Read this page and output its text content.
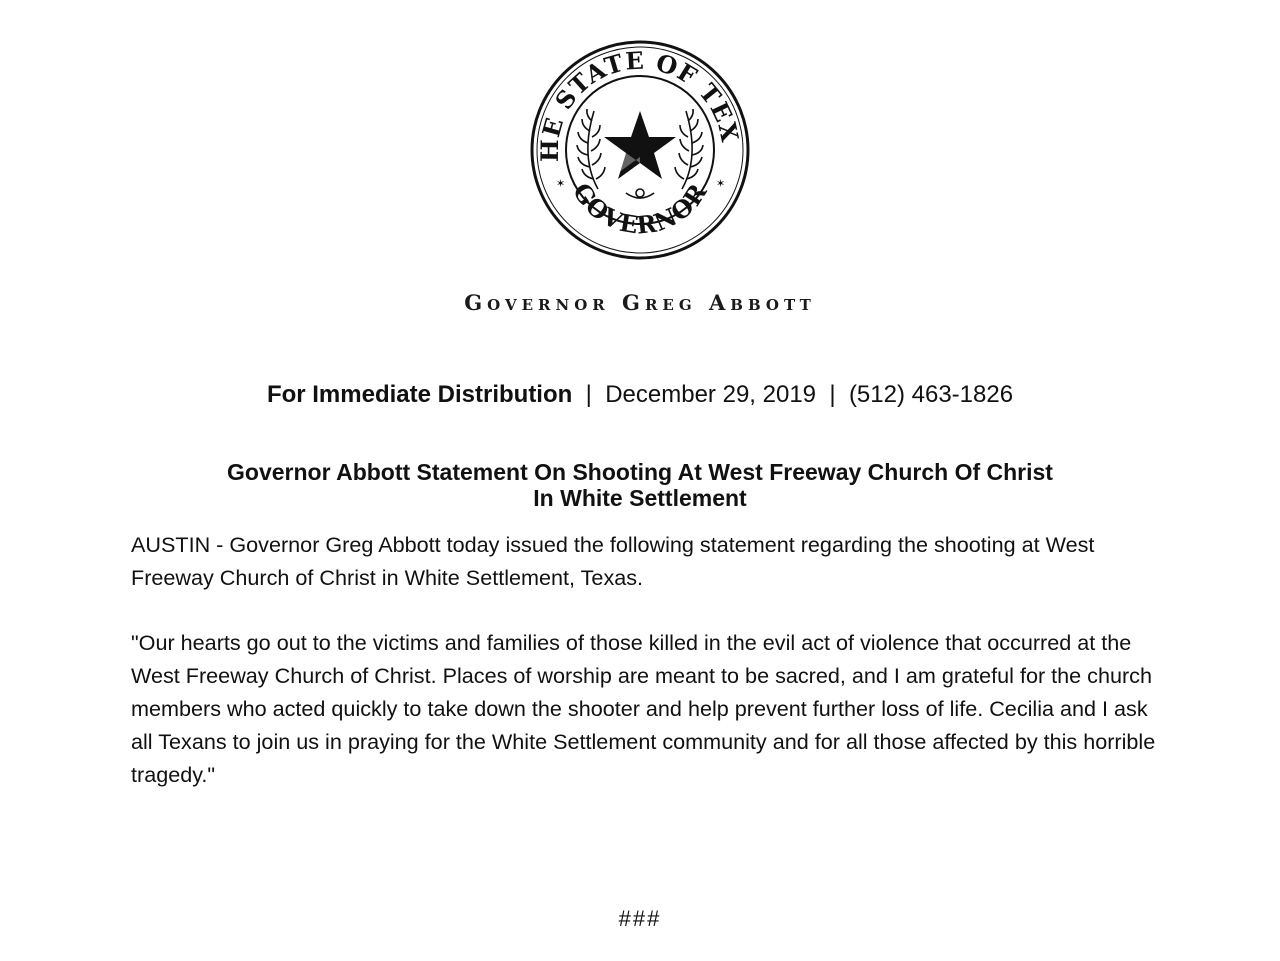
HE STATE OF TEX
GOVERNOR
✶	✶
Governor Greg Abbott
For Immediate Distribution | December 29, 2019 | (512) 463-1826
Governor Abbott Statement On Shooting At West Freeway Church Of Christ
In White Settlement
AUSTIN - Governor Greg Abbott today issued the following statement regarding the shooting at West Freeway Church of Christ in White Settlement, Texas.
"Our hearts go out to the victims and families of those killed in the evil act of violence that occurred at the West Freeway Church of Christ. Places of worship are meant to be sacred, and I am grateful for the church members who acted quickly to take down the shooter and help prevent further loss of life. Cecilia and I ask all Texans to join us in praying for the White Settlement community and for all those affected by this horrible tragedy."
###
